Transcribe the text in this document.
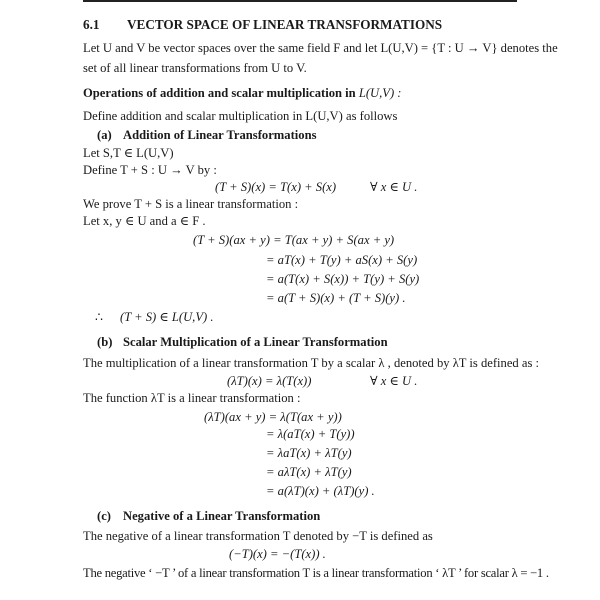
6.1 VECTOR SPACE OF LINEAR TRANSFORMATIONS
Let U and V be vector spaces over the same field F and let L(U,V) = {T : U → V} denotes the
set of all linear transformations from U to V.
Operations of addition and scalar multiplication in L(U,V) :
Define addition and scalar multiplication in L(U,V) as follows
(a) Addition of Linear Transformations
Let S,T ∈ L(U,V)
Define T + S : U → V by :
(T + S)(x) = T(x) + S(x)	∀ x ∈ U .
We prove T + S is a linear transformation :
Let x, y ∈ U and a ∈ F .
(T + S)(ax + y) = T(ax + y) + S(ax + y)
= aT(x) + T(y) + aS(x) + S(y)
= a(T(x) + S(x)) + T(y) + S(y)
= a(T + S)(x) + (T + S)(y) .
∴ (T + S) ∈ L(U,V) .
(b) Scalar Multiplication of a Linear Transformation
The multiplication of a linear transformation T by a scalar λ , denoted by λT is defined as :
(λT)(x) = λ(T(x))	∀ x ∈ U .
The function λT is a linear transformation :
(λT)(ax + y) = λ(T(ax + y))
= λ(aT(x) + T(y))
= λaT(x) + λT(y)
= aλT(x) + λT(y)
= a(λT)(x) + (λT)(y) .
(c) Negative of a Linear Transformation
The negative of a linear transformation T denoted by −T is defined as
(−T)(x) = −(T(x)) .
The negative ‘ −T ’ of a linear transformation T is a linear transformation ‘ λT ’ for scalar λ = −1 .
